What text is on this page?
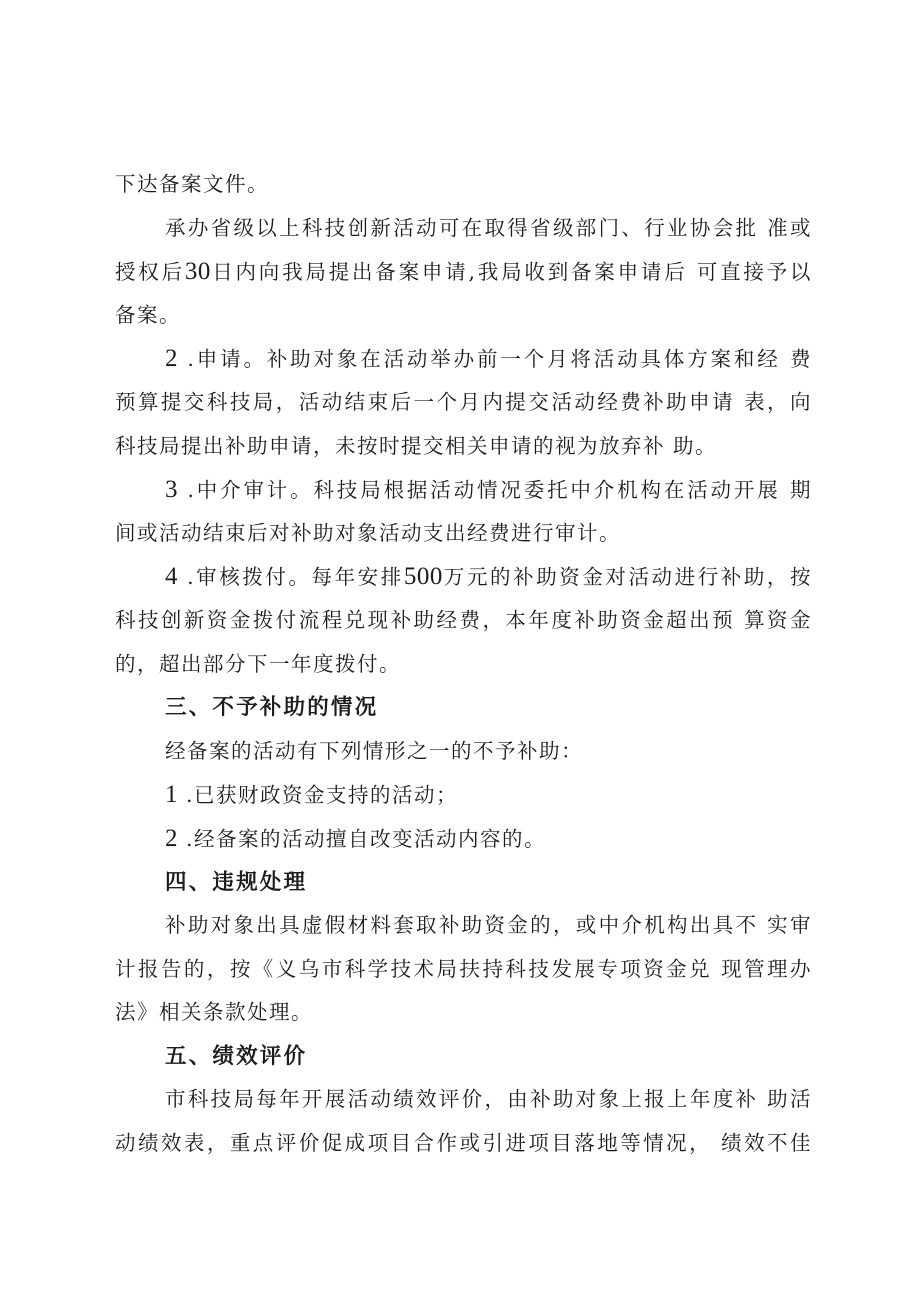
下达备案文件。
承办省级以上科技创新活动可在取得省级部门、行业协会批 准或
授权后30日内向我局提出备案申请,我局收到备案申请后 可直接予以
备案。
2 .申请。补助对象在活动举办前一个月将活动具体方案和经 费
预算提交科技局，活动结束后一个月内提交活动经费补助申请 表，向
科技局提出补助申请，未按时提交相关申请的视为放弃补 助。
3 .中介审计。科技局根据活动情况委托中介机构在活动开展 期
间或活动结束后对补助对象活动支出经费进行审计。
4 .审核拨付。每年安排500万元的补助资金对活动进行补助，按
科技创新资金拨付流程兑现补助经费，本年度补助资金超出预 算资金
的，超出部分下一年度拨付。
三、不予补助的情况
经备案的活动有下列情形之一的不予补助：
1 .已获财政资金支持的活动；
2 .经备案的活动擅自改变活动内容的。
四、违规处理
补助对象出具虚假材料套取补助资金的，或中介机构出具不 实审
计报告的，按《义乌市科学技术局扶持科技发展专项资金兑 现管理办
法》相关条款处理。
五、绩效评价
市科技局每年开展活动绩效评价，由补助对象上报上年度补 助活
动绩效表，重点评价促成项目合作或引进项目落地等情况， 绩效不佳
